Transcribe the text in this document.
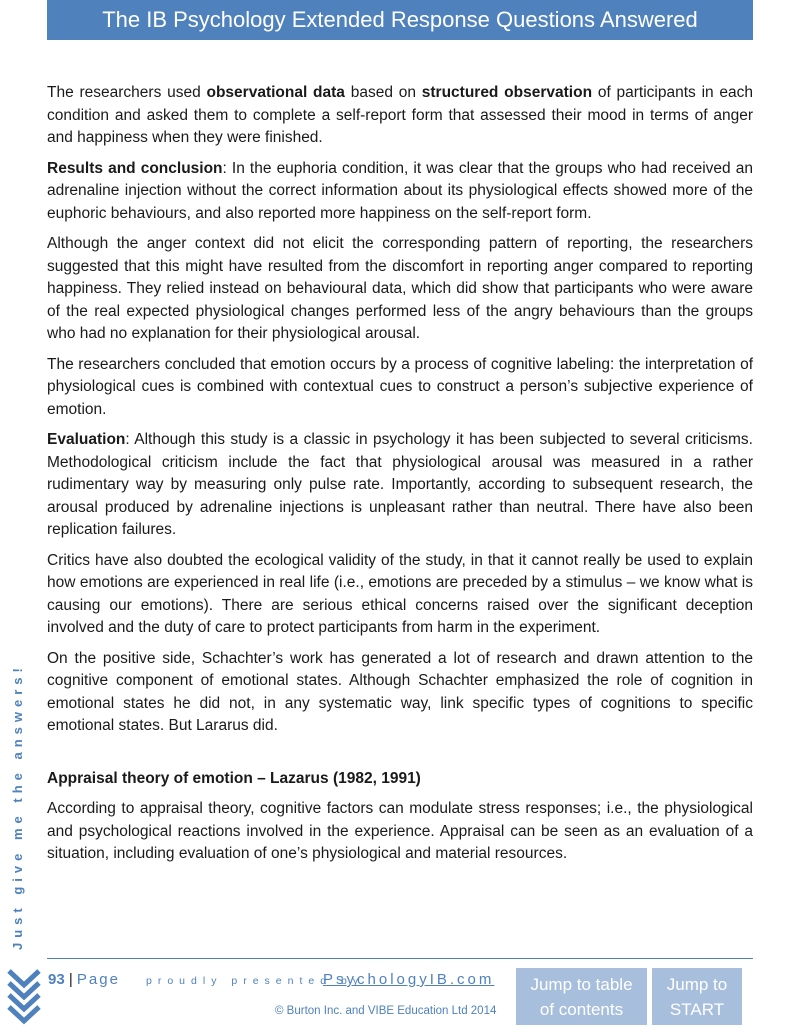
The IB Psychology Extended Response Questions Answered

The researchers used observational data based on structured observation of participants in each condition and asked them to complete a self-report form that assessed their mood in terms of anger and happiness when they were finished.

Results and conclusion: In the euphoria condition, it was clear that the groups who had received an adrenaline injection without the correct information about its physiological effects showed more of the euphoric behaviours, and also reported more happiness on the self-report form.

Although the anger context did not elicit the corresponding pattern of reporting, the researchers suggested that this might have resulted from the discomfort in reporting anger compared to reporting happiness. They relied instead on behavioural data, which did show that participants who were aware of the real expected physiological changes performed less of the angry behaviours than the groups who had no explanation for their physiological arousal.

The researchers concluded that emotion occurs by a process of cognitive labeling: the interpretation of physiological cues is combined with contextual cues to construct a person’s subjective experience of emotion.

Evaluation: Although this study is a classic in psychology it has been subjected to several criticisms. Methodological criticism include the fact that physiological arousal was measured in a rather rudimentary way by measuring only pulse rate. Importantly, according to subsequent research, the arousal produced by adrenaline injections is unpleasant rather than neutral. There have also been replication failures.

Critics have also doubted the ecological validity of the study, in that it cannot really be used to explain how emotions are experienced in real life (i.e., emotions are preceded by a stimulus – we know what is causing our emotions). There are serious ethical concerns raised over the significant deception involved and the duty of care to protect participants from harm in the experiment.

On the positive side, Schachter’s work has generated a lot of research and drawn attention to the cognitive component of emotional states. Although Schachter emphasized the role of cognition in emotional states he did not, in any systematic way, link specific types of cognitions to specific emotional states. But Lararus did.

Appraisal theory of emotion – Lazarus (1982, 1991)

According to appraisal theory, cognitive factors can modulate stress responses; i.e., the physiological and psychological reactions involved in the experience. Appraisal can be seen as an evaluation of a situation, including evaluation of one’s physiological and material resources.

Just give me the answers!
93 | Page proudly presented by
PsychologyIB.com
© Burton Inc. and VIBE Education Ltd 2014
Jump to table of contents
Jump to START
